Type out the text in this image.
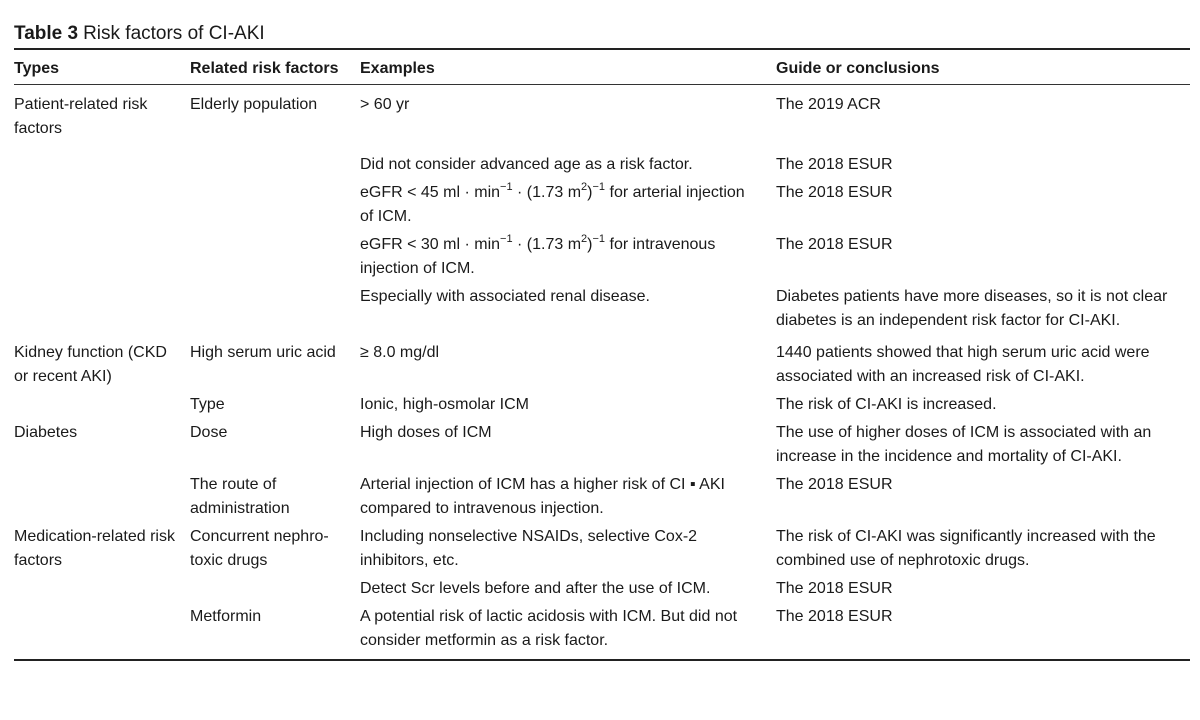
Table 3 Risk factors of CI-AKI
Types	Related risk factors	Examples	Guide or conclusions

Patient-related risk factors	Elderly population	> 60 yr	The 2019 ACR

		Did not consider advanced age as a risk factor.	The 2018 ESUR

		eGFR < 45 ml · $\min^{-1} \cdot (1.73$ $m^2)^{-1}$ for arterial injection of ICM.	The 2018 ESUR

		eGFR < 30 ml · $\min^{-1} \cdot (1.73$ $m^2)^{-1}$ for intravenous injection of ICM.	The 2018 ESUR

		Especially with associated renal disease.	Diabetes patients have more diseases, so it is not clear diabetes is an independent risk factor for CI-AKI.

Kidney function (CKD or recent AKI)	High serum uric acid	≥ 8.0 mg/dl	1440 patients showed that high serum uric acid were associated with an increased risk of CI-AKI.

	Type	Ionic, high-osmolar ICM	The risk of CI-AKI is increased.

Diabetes	Dose	High doses of ICM	The use of higher doses of ICM is associated with an increase in the incidence and mortality of CI-AKI.

	The route of administration	Arterial injection of ICM has a higher risk of CI ▪ AKI compared to intravenous injection.	The 2018 ESUR

Medication-related risk factors	Concurrent nephro-toxic drugs	Including nonselective NSAIDs, selective Cox-2 inhibitors, etc.	The risk of CI-AKI was significantly increased with the combined use of nephrotoxic drugs.

		Detect Scr levels before and after the use of ICM.	The 2018 ESUR

	Metformin	A potential risk of lactic acidosis with ICM. But did not consider metformin as a risk factor.	The 2018 ESUR
